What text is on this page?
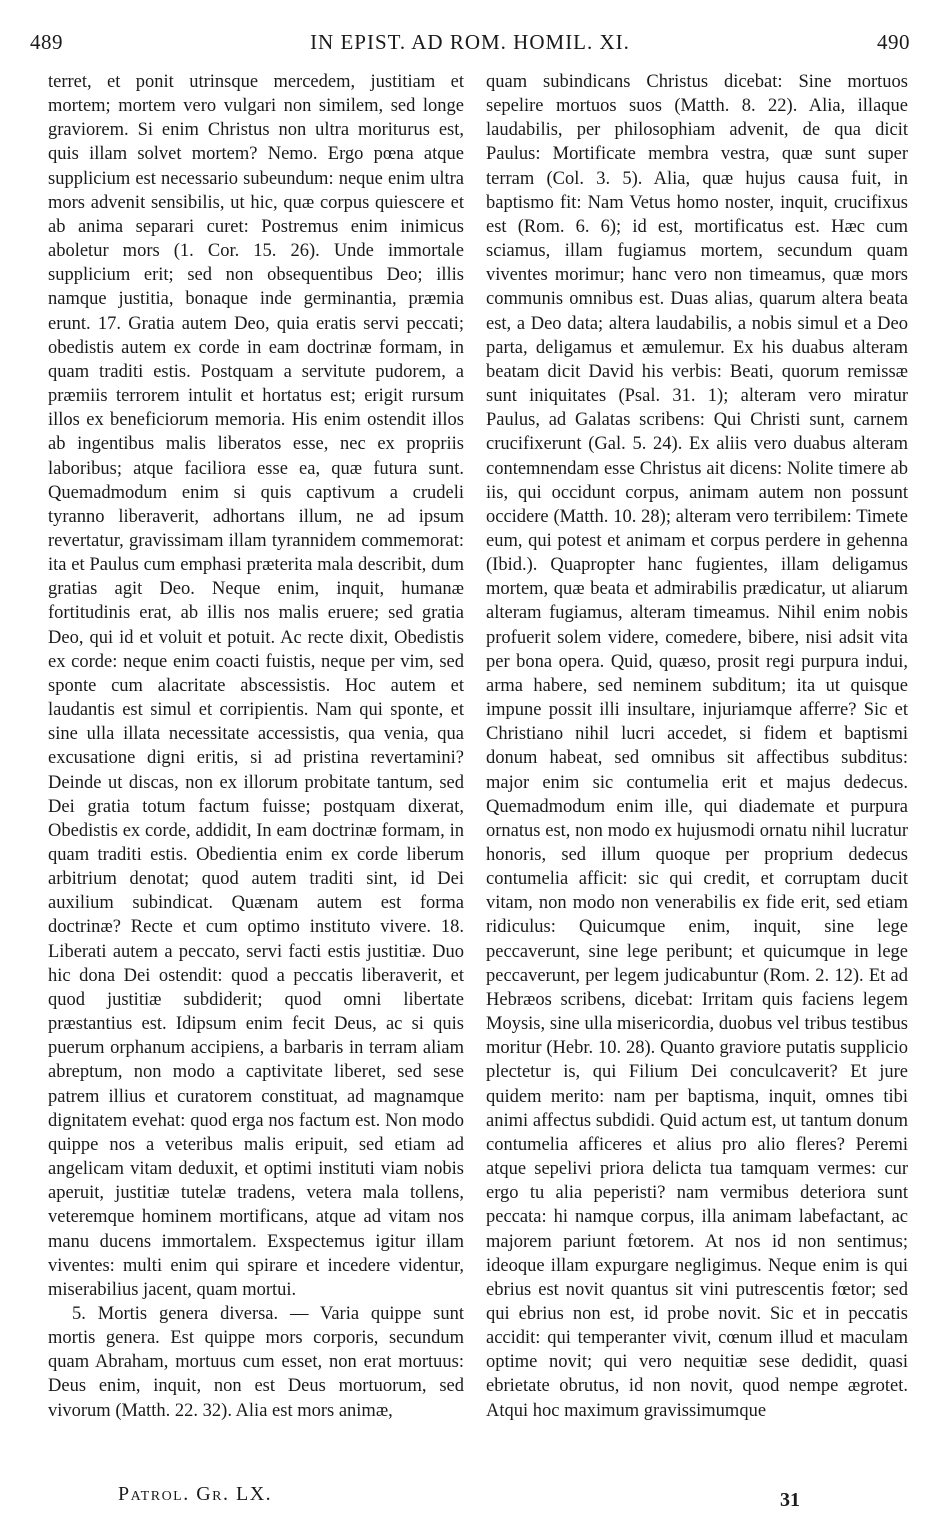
489	IN EPIST. AD ROM. HOMIL. XI.	490

terret, et ponit utrinsque mercedem, justitiam et mortem; mortem vero vulgari non similem, sed longe graviorem. Si enim Christus non ultra moriturus est, quis illam solvet mortem? Nemo. Ergo pœna atque supplicium est necessario subeundum: neque enim ultra mors advenit sensibilis, ut hic, quæ corpus quiescere et ab anima separari curet: Postremus enim inimicus aboletur mors (1. Cor. 15. 26). Unde immortale supplicium erit; sed non obsequentibus Deo; illis namque justitia, bonaque inde germinantia, præmia erunt. 17. Gratia autem Deo, quia eratis servi peccati; obedistis autem ex corde in eam doctrinæ formam, in quam traditi estis. Postquam a servitute pudorem, a præmiis terrorem intulit et hortatus est; erigit rursum illos ex beneficiorum memoria. His enim ostendit illos ab ingentibus malis liberatos esse, nec ex propriis laboribus; atque faciliora esse ea, quæ futura sunt. Quemadmodum enim si quis captivum a crudeli tyranno liberaverit, adhortans illum, ne ad ipsum revertatur, gravissimam illam tyrannidem commemorat: ita et Paulus cum emphasi præterita mala describit, dum gratias agit Deo. Neque enim, inquit, humanæ fortitudinis erat, ab illis nos malis eruere; sed gratia Deo, qui id et voluit et potuit. Ac recte dixit, Obedistis ex corde: neque enim coacti fuistis, neque per vim, sed sponte cum alacritate abscessistis. Hoc autem et laudantis est simul et corripientis. Nam qui sponte, et sine ulla illata necessitate accessistis, qua venia, qua excusatione digni eritis, si ad pristina revertamini? Deinde ut discas, non ex illorum probitate tantum, sed Dei gratia totum factum fuisse; postquam dixerat, Obedistis ex corde, addidit, In eam doctrinæ formam, in quam traditi estis. Obedientia enim ex corde liberum arbitrium denotat; quod autem traditi sint, id Dei auxilium subindicat. Quænam autem est forma doctrinæ? Recte et cum optimo instituto vivere. 18. Liberati autem a peccato, servi facti estis justitiæ. Duo hic dona Dei ostendit: quod a peccatis liberaverit, et quod justitiæ subdiderit; quod omni libertate præstantius est. Idipsum enim fecit Deus, ac si quis puerum orphanum accipiens, a barbaris in terram aliam abreptum, non modo a captivitate liberet, sed sese patrem illius et curatorem constituat, ad magnamque dignitatem evehat: quod erga nos factum est. Non modo quippe nos a veteribus malis eripuit, sed etiam ad angelicam vitam deduxit, et optimi instituti viam nobis aperuit, justitiæ tutelæ tradens, vetera mala tollens, veteremque hominem mortificans, atque ad vitam nos manu ducens immortalem. Exspectemus igitur illam viventes: multi enim qui spirare et incedere videntur, miserabilius jacent, quam mortui.

5. Mortis genera diversa. — Varia quippe sunt mortis genera. Est quippe mors corporis, secundum quam Abraham, mortuus cum esset, non erat mortuus: Deus enim, inquit, non est Deus mortuorum, sed vivorum (Matth. 22. 32). Alia est mors animæ,

quam subindicans Christus dicebat: Sine mortuos sepelire mortuos suos (Matth. 8. 22). Alia, illaque laudabilis, per philosophiam advenit, de qua dicit Paulus: Mortificate membra vestra, quæ sunt super terram (Col. 3. 5). Alia, quæ hujus causa fuit, in baptismo fit: Nam Vetus homo noster, inquit, crucifixus est (Rom. 6. 6); id est, mortificatus est. Hæc cum sciamus, illam fugiamus mortem, secundum quam viventes morimur; hanc vero non timeamus, quæ mors communis omnibus est. Duas alias, quarum altera beata est, a Deo data; altera laudabilis, a nobis simul et a Deo parta, deligamus et æmulemur. Ex his duabus alteram beatam dicit David his verbis: Beati, quorum remissæ sunt iniquitates (Psal. 31. 1); alteram vero miratur Paulus, ad Galatas scribens: Qui Christi sunt, carnem crucifixerunt (Gal. 5. 24). Ex aliis vero duabus alteram contemnendam esse Christus ait dicens: Nolite timere ab iis, qui occidunt corpus, animam autem non possunt occidere (Matth. 10. 28); alteram vero terribilem: Timete eum, qui potest et animam et corpus perdere in gehenna (Ibid.). Quapropter hanc fugientes, illam deligamus mortem, quæ beata et admirabilis prædicatur, ut aliarum alteram fugiamus, alteram timeamus. Nihil enim nobis profuerit solem videre, comedere, bibere, nisi adsit vita per bona opera. Quid, quæso, prosit regi purpura indui, arma habere, sed neminem subditum; ita ut quisque impune possit illi insultare, injuriamque afferre? Sic et Christiano nihil lucri accedet, si fidem et baptismi donum habeat, sed omnibus sit affectibus subditus: major enim sic contumelia erit et majus dedecus. Quemadmodum enim ille, qui diademate et purpura ornatus est, non modo ex hujusmodi ornatu nihil lucratur honoris, sed illum quoque per proprium dedecus contumelia afficit: sic qui credit, et corruptam ducit vitam, non modo non venerabilis ex fide erit, sed etiam ridiculus: Quicumque enim, inquit, sine lege peccaverunt, sine lege peribunt; et quicumque in lege peccaverunt, per legem judicabuntur (Rom. 2. 12). Et ad Hebræos scribens, dicebat: Irritam quis faciens legem Moysis, sine ulla misericordia, duobus vel tribus testibus moritur (Hebr. 10. 28). Quanto graviore putatis supplicio plectetur is, qui Filium Dei conculcaverit? Et jure quidem merito: nam per baptisma, inquit, omnes tibi animi affectus subdidi. Quid actum est, ut tantum donum contumelia afficeres et alius pro alio fleres? Peremi atque sepelivi priora delicta tua tamquam vermes: cur ergo tu alia peperisti? nam vermibus deteriora sunt peccata: hi namque corpus, illa animam labefactant, ac majorem pariunt fœtorem. At nos id non sentimus; ideoque illam expurgare negligimus. Neque enim is qui ebrius est novit quantus sit vini putrescentis fœtor; sed qui ebrius non est, id probe novit. Sic et in peccatis accidit: qui temperanter vivit, cœnum illud et maculam optime novit; qui vero nequitiæ sese dedidit, quasi ebrietate obrutus, id non novit, quod nempe ægrotet. Atqui hoc maximum gravissimumque

Patrol. Gr. LX.	31
